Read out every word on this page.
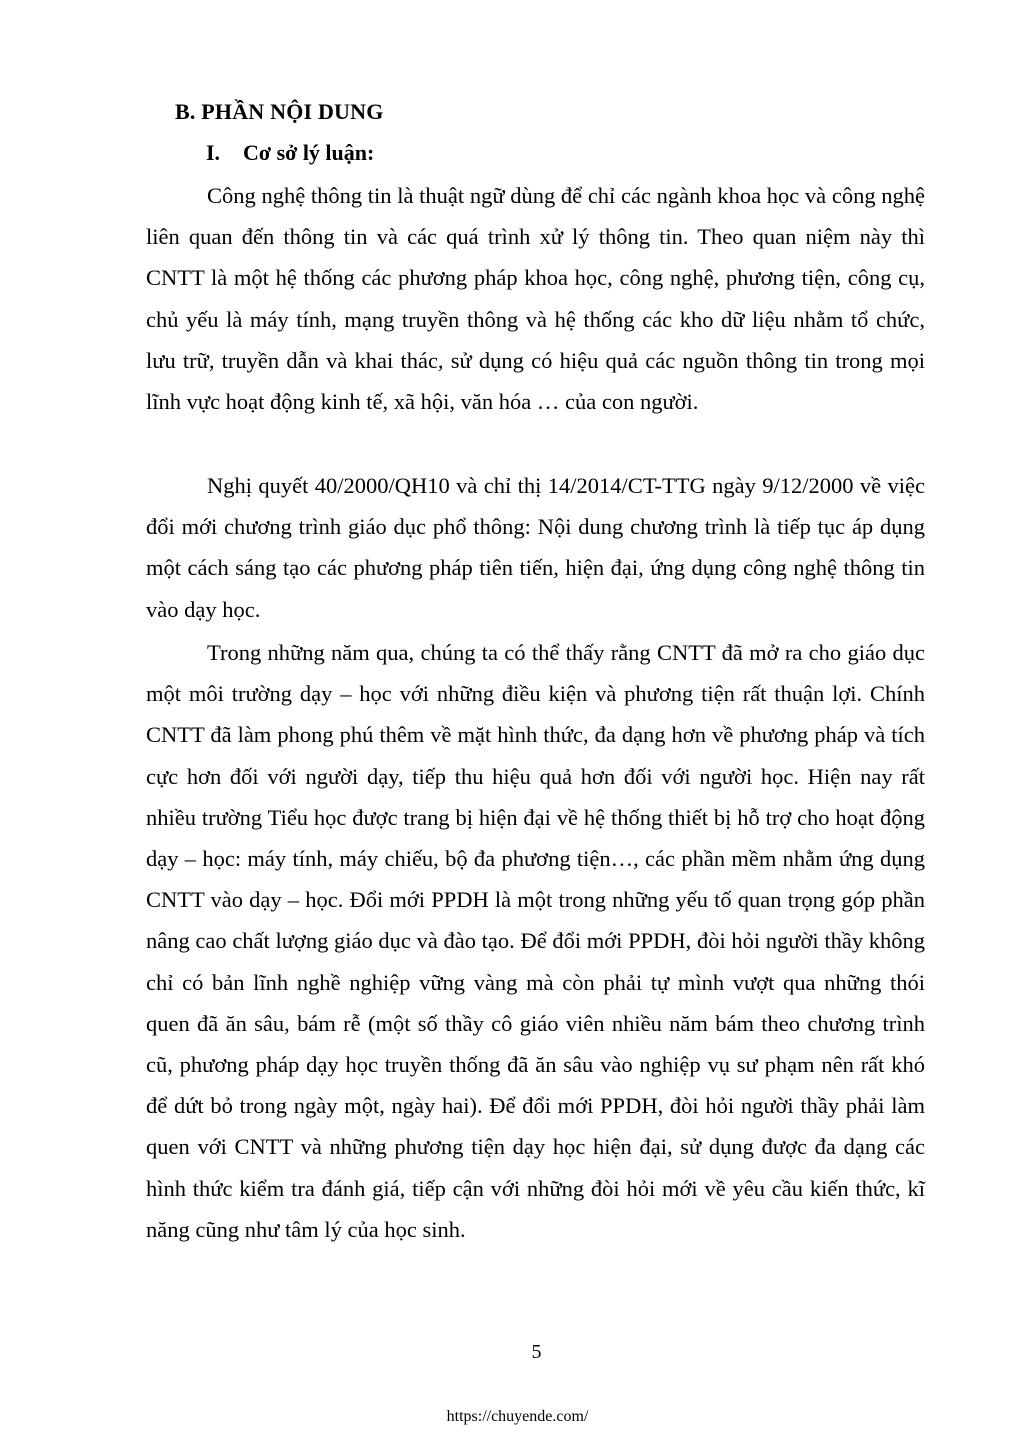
B. PHẦN NỘI DUNG
I. Cơ sở lý luận:

Công nghệ thông tin là thuật ngữ dùng để chỉ các ngành khoa học và công nghệ liên quan đến thông tin và các quá trình xử lý thông tin. Theo quan niệm này thì CNTT là một hệ thống các phương pháp khoa học, công nghệ, phương tiện, công cụ, chủ yếu là máy tính, mạng truyền thông và hệ thống các kho dữ liệu nhằm tổ chức, lưu trữ, truyền dẫn và khai thác, sử dụng có hiệu quả các nguồn thông tin trong mọi lĩnh vực hoạt động kinh tế, xã hội, văn hóa … của con người.

Nghị quyết 40/2000/QH10 và chỉ thị 14/2014/CT-TTG ngày 9/12/2000 về việc đổi mới chương trình giáo dục phổ thông: Nội dung chương trình là tiếp tục áp dụng một cách sáng tạo các phương pháp tiên tiến, hiện đại, ứng dụng công nghệ thông tin vào dạy học.

Trong những năm qua, chúng ta có thể thấy rằng CNTT đã mở ra cho giáo dục một môi trường dạy – học với những điều kiện và phương tiện rất thuận lợi. Chính CNTT đã làm phong phú thêm về mặt hình thức, đa dạng hơn về phương pháp và tích cực hơn đối với người dạy, tiếp thu hiệu quả hơn đối với người học. Hiện nay rất nhiều trường Tiểu học được trang bị hiện đại về hệ thống thiết bị hỗ trợ cho hoạt động dạy – học: máy tính, máy chiếu, bộ đa phương tiện…, các phần mềm nhằm ứng dụng CNTT vào dạy – học. Đổi mới PPDH là một trong những yếu tố quan trọng góp phần nâng cao chất lượng giáo dục và đào tạo. Để đổi mới PPDH, đòi hỏi người thầy không chỉ có bản lĩnh nghề nghiệp vững vàng mà còn phải tự mình vượt qua những thói quen đã ăn sâu, bám rễ (một số thầy cô giáo viên nhiều năm bám theo chương trình cũ, phương pháp dạy học truyền thống đã ăn sâu vào nghiệp vụ sư phạm nên rất khó để dứt bỏ trong ngày một, ngày hai). Để đổi mới PPDH, đòi hỏi người thầy phải làm quen với CNTT và những phương tiện dạy học hiện đại, sử dụng được đa dạng các hình thức kiểm tra đánh giá, tiếp cận với những đòi hỏi mới về yêu cầu kiến thức, kĩ năng cũng như tâm lý của học sinh.

5
https://chuyende.com/
